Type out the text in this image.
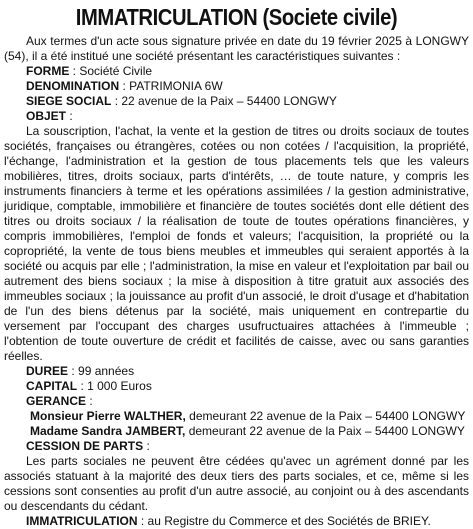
IMMATRICULATION (Societe civile)

Aux termes d'un acte sous signature privée en date du 19 février 2025 à LONGWY (54), il a été institué une société présentant les caractéristiques suivantes :

FORME : Société Civile

DENOMINATION : PATRIMONIA 6W

SIEGE SOCIAL : 22 avenue de la Paix – 54400 LONGWY

OBJET :

La souscription, l'achat, la vente et la gestion de titres ou droits sociaux de toutes sociétés, françaises ou étrangères, cotées ou non cotées / l'acquisition, la propriété, l'échange, l'administration et la gestion de tous placements tels que les valeurs mobilières, titres, droits sociaux, parts d'intérêts, … de toute nature, y compris les instruments financiers à terme et les opérations assimilées / la gestion administrative, juridique, comptable, immobilière et financière de toutes sociétés dont elle détient des titres ou droits sociaux / la réalisation de toute de toutes opérations financières, y compris immobilières, l'emploi de fonds et valeurs; l'acquisition, la propriété ou la copropriété, la vente de tous biens meubles et immeubles qui seraient apportés à la société ou acquis par elle ; l'administration, la mise en valeur et l'exploitation par bail ou autrement des biens sociaux ; la mise à disposition à titre gratuit aux associés des immeubles sociaux ; la jouissance au profit d'un associé, le droit d'usage et d'habitation de l'un des biens détenus par la société, mais uniquement en contrepartie du versement par l'occupant des charges usufructuaires attachées à l'immeuble ; l'obtention de toute ouverture de crédit et facilités de caisse, avec ou sans garanties réelles.

DUREE : 99 années

CAPITAL : 1 000 Euros

GERANCE :

Monsieur Pierre WALTHER, demeurant 22 avenue de la Paix – 54400 LONGWY

Madame Sandra JAMBERT, demeurant 22 avenue de la Paix – 54400 LONGWY

CESSION DE PARTS :

Les parts sociales ne peuvent être cédées qu'avec un agrément donné par les associés statuant à la majorité des deux tiers des parts sociales, et ce, même si les cessions sont consenties au profit d'un autre associé, au conjoint ou à des ascendants ou descendants du cédant.

IMMATRICULATION : au Registre du Commerce et des Sociétés de BRIEY.
